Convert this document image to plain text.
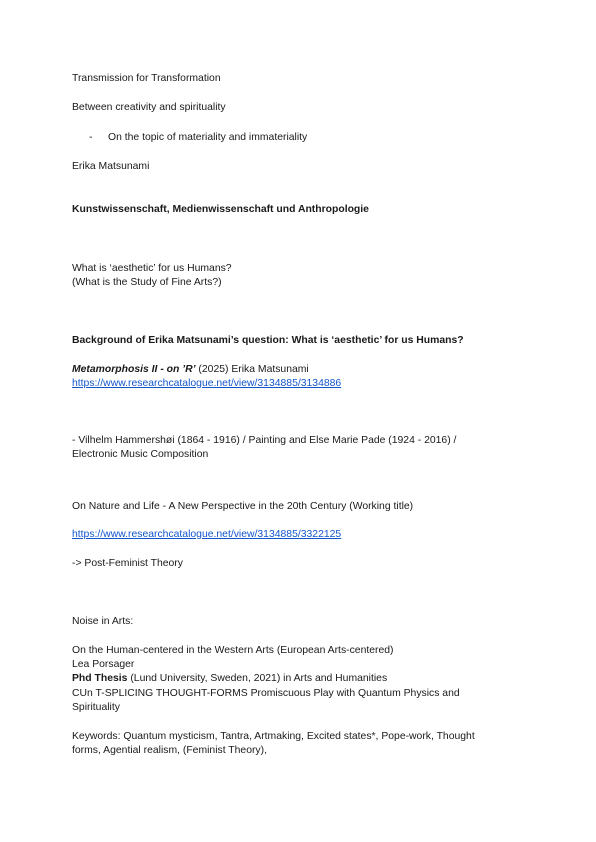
Transmission for Transformation
Between creativity and spirituality
- On the topic of materiality and immateriality
Erika Matsunami
Kunstwissenschaft, Medienwissenschaft und Anthropologie
What is ‘aesthetic’ for us Humans?
(What is the Study of Fine Arts?)
Background of Erika Matsunami’s question: What is ‘aesthetic’ for us Humans?
Metamorphosis II - on ’R’ (2025) Erika Matsunami
https://www.researchcatalogue.net/view/3134885/3134886
- Vilhelm Hammershøi (1864 - 1916) / Painting and Else Marie Pade (1924 - 2016) /
Electronic Music Composition
On Nature and Life - A New Perspective in the 20th Century (Working title)
https://www.researchcatalogue.net/view/3134885/3322125
-> Post-Feminist Theory
Noise in Arts:
On the Human-centered in the Western Arts (European Arts-centered)
Lea Porsager
Phd Thesis (Lund University, Sweden, 2021) in Arts and Humanities
CUn T-SPLICING THOUGHT-FORMS Promiscuous Play with Quantum Physics and
Spirituality
Keywords: Quantum mysticism, Tantra, Artmaking, Excited states*, Pope-work, Thought
forms, Agential realism, (Feminist Theory),
